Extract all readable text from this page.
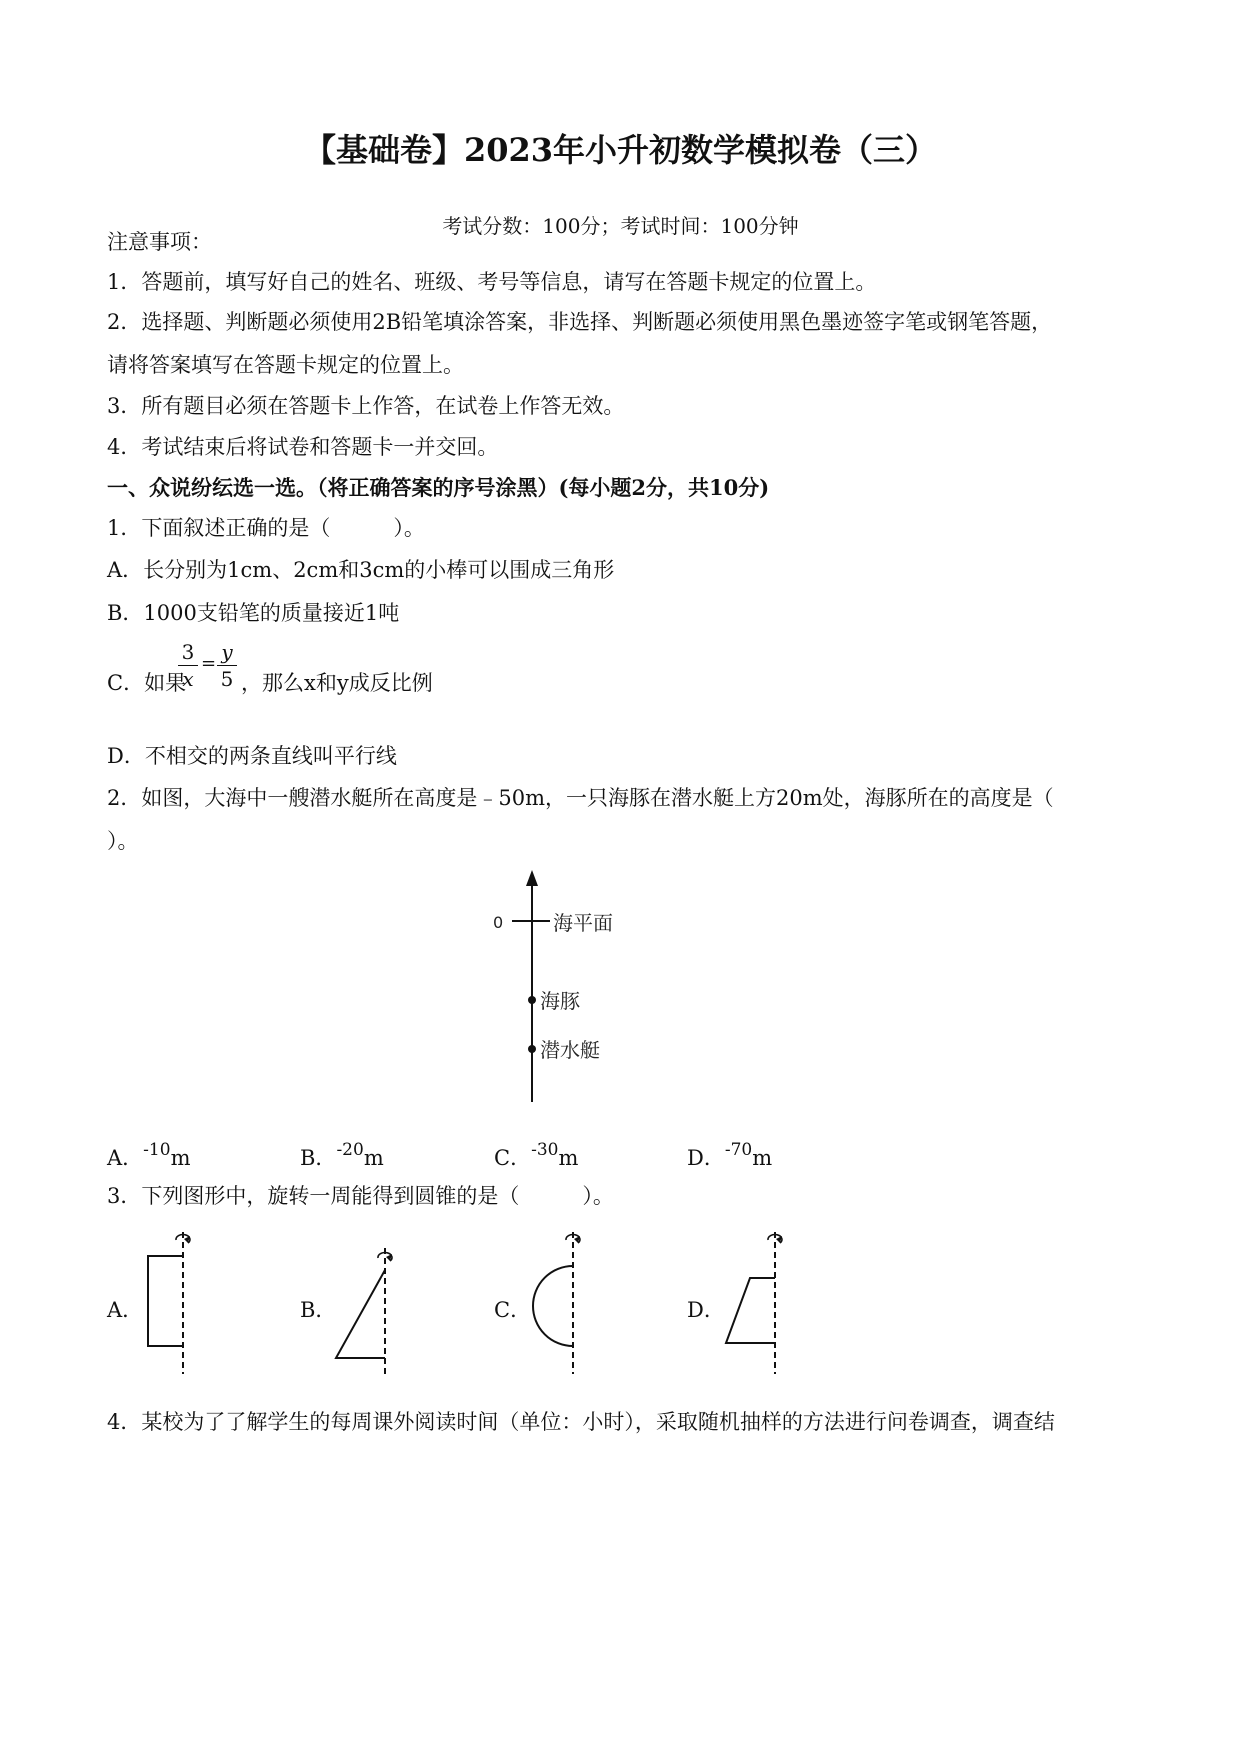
【基础卷】2023年小升初数学模拟卷（三）
考试分数：100分；考试时间：100分钟
注意事项：
1．答题前，填写好自己的姓名、班级、考号等信息，请写在答题卡规定的位置上。
2．选择题、判断题必须使用2B铅笔填涂答案，非选择、判断题必须使用黑色墨迹签字笔或钢笔答题，
请将答案填写在答题卡规定的位置上。
3．所有题目必须在答题卡上作答，在试卷上作答无效。
4．考试结束后将试卷和答题卡一并交回。
一、众说纷纭选一选。（将正确答案的序号涂黑）(每小题2分，共10分)
1．下面叙述正确的是（　　　）。
A．长分别为1cm、2cm和3cm的小棒可以围成三角形
B．1000支铅笔的质量接近1吨
C．如果
3
x
= y
5 ，那么x和y成反比例
D．不相交的两条直线叫平行线
2．如图，大海中一艘潜水艇所在高度是﹣50m，一只海豚在潜水艇上方20m处，海豚所在的高度是（
）。
0 海平面
海豚
潜水艇
A．$^{-10}$m	B．$^{-20}$m	C．$^{-30}$m	D．$^{-70}$m
3．下列图形中，旋转一周能得到圆锥的是（　　　）。
A．	B．	C．	D．
4．某校为了了解学生的每周课外阅读时间（单位：小时），采取随机抽样的方法进行问卷调查，调查结
